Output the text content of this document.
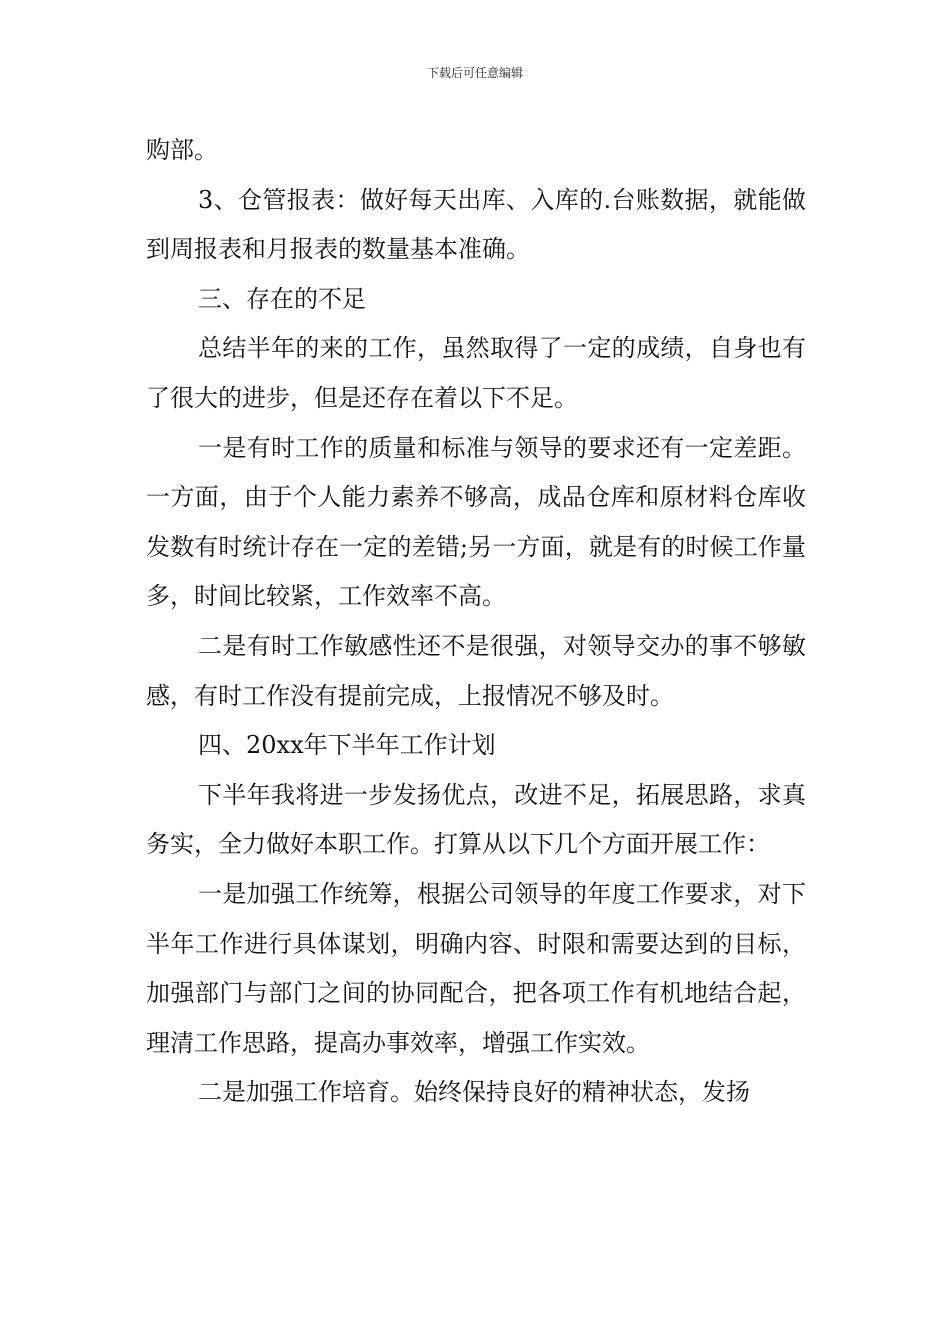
下载后可任意编辑

购部。

3、仓管报表：做好每天出库、入库的.台账数据，就能做到周报表和月报表的数量基本准确。

三、存在的不足

总结半年的来的工作，虽然取得了一定的成绩，自身也有了很大的进步，但是还存在着以下不足。

一是有时工作的质量和标准与领导的要求还有一定差距。一方面，由于个人能力素养不够高，成品仓库和原材料仓库收发数有时统计存在一定的差错;另一方面，就是有的时候工作量多，时间比较紧，工作效率不高。

二是有时工作敏感性还不是很强，对领导交办的事不够敏感，有时工作没有提前完成，上报情况不够及时。

四、20xx年下半年工作计划

下半年我将进一步发扬优点，改进不足，拓展思路，求真务实，全力做好本职工作。打算从以下几个方面开展工作：

一是加强工作统筹，根据公司领导的年度工作要求，对下半年工作进行具体谋划，明确内容、时限和需要达到的目标，加强部门与部门之间的协同配合，把各项工作有机地结合起，理清工作思路，提高办事效率，增强工作实效。

二是加强工作培育。始终保持良好的精神状态，发扬
